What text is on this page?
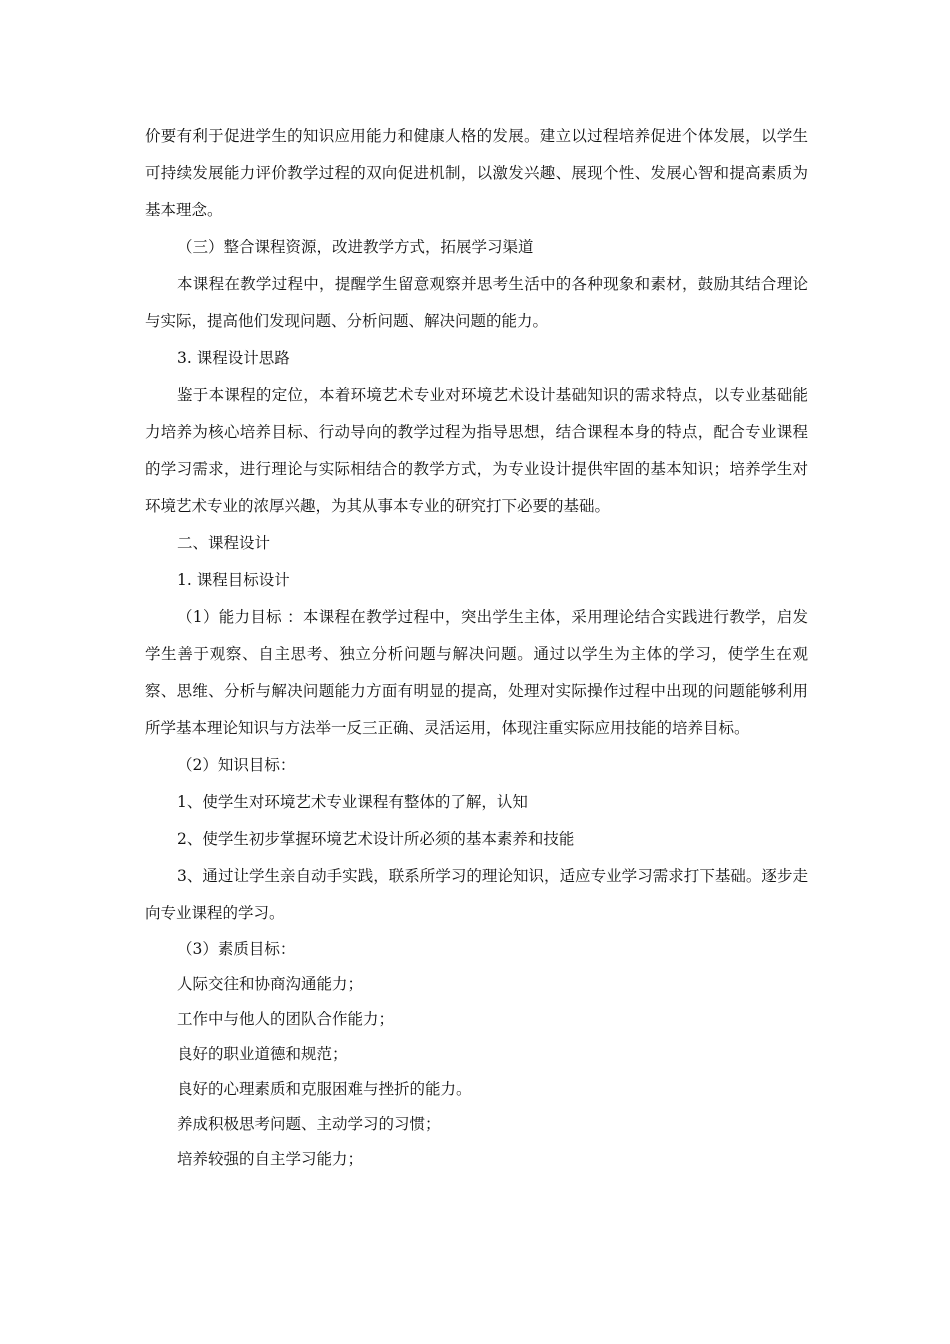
价要有利于促进学生的知识应用能力和健康人格的发展。建立以过程培养促进个体发展，以学生可持续发展能力评价教学过程的双向促进机制，以激发兴趣、展现个性、发展心智和提高素质为基本理念。

（三）整合课程资源，改进教学方式，拓展学习渠道

本课程在教学过程中，提醒学生留意观察并思考生活中的各种现象和素材，鼓励其结合理论与实际，提高他们发现问题、分析问题、解决问题的能力。

3. 课程设计思路

鉴于本课程的定位，本着环境艺术专业对环境艺术设计基础知识的需求特点，以专业基础能力培养为核心培养目标、行动导向的教学过程为指导思想，结合课程本身的特点，配合专业课程的学习需求，进行理论与实际相结合的教学方式，为专业设计提供牢固的基本知识；培养学生对环境艺术专业的浓厚兴趣，为其从事本专业的研究打下必要的基础。

二、课程设计

1. 课程目标设计

（1）能力目标 ：本课程在教学过程中，突出学生主体，采用理论结合实践进行教学，启发学生善于观察、自主思考、独立分析问题与解决问题。通过以学生为主体的学习，使学生在观察、思维、分析与解决问题能力方面有明显的提高，处理对实际操作过程中出现的问题能够利用所学基本理论知识与方法举一反三正确、灵活运用，体现注重实际应用技能的培养目标。

（2）知识目标：

1、使学生对环境艺术专业课程有整体的了解，认知

2、使学生初步掌握环境艺术设计所必须的基本素养和技能

3、通过让学生亲自动手实践，联系所学习的理论知识，适应专业学习需求打下基础。逐步走向专业课程的学习。

（3）素质目标：

人际交往和协商沟通能力；

工作中与他人的团队合作能力；

良好的职业道德和规范；

良好的心理素质和克服困难与挫折的能力。

养成积极思考问题、主动学习的习惯；

培养较强的自主学习能力；
